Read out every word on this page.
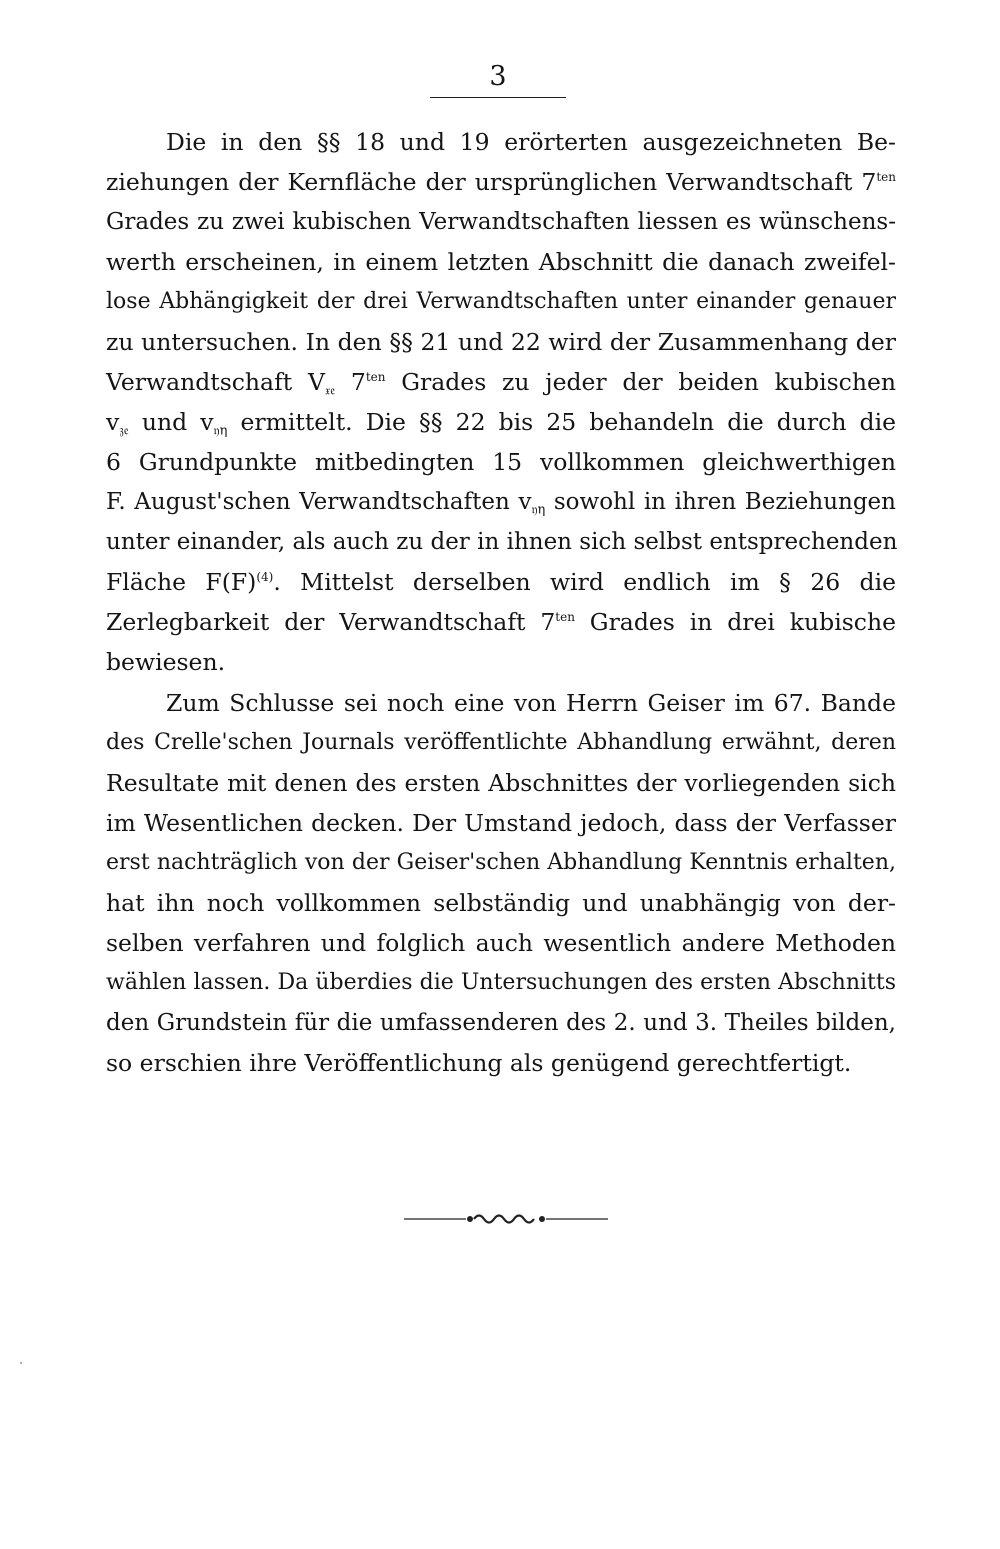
3
Die in den §§ 18 und 19 erörterten ausgezeichneten Be-
ziehungen der Kernfläche der ursprünglichen Verwandtschaft $7^{ten}$
Grades zu zwei kubischen Verwandtschaften liessen es wünschens-
werth erscheinen, in einem letzten Abschnitt die danach zweifel-
lose Abhängigkeit der drei Verwandtschaften unter einander genauer
zu untersuchen. In den §§ 21 und 22 wird der Zusammenhang der
Verwandtschaft $V_{𝔵𝔢}$ $7^{ten}$ Grades zu jeder der beiden kubischen
$v_{𝔷𝔢}$ und $v_{𝔶\eta}$ ermittelt. Die §§ 22 bis 25 behandeln die durch die
6 Grundpunkte mitbedingten 15 vollkommen gleichwerthigen
F. August'schen Verwandtschaften $v_{𝔶\eta}$ sowohl in ihren Beziehungen
unter einander, als auch zu der in ihnen sich selbst entsprechenden
Fläche $F(F)^{(4)}$. Mittelst derselben wird endlich im § 26 die
Zerlegbarkeit der Verwandtschaft $7^{ten}$ Grades in drei kubische
bewiesen.
Zum Schlusse sei noch eine von Herrn Geiser im 67. Bande
des Crelle'schen Journals veröffentlichte Abhandlung erwähnt, deren
Resultate mit denen des ersten Abschnittes der vorliegenden sich
im Wesentlichen decken. Der Umstand jedoch, dass der Verfasser
erst nachträglich von der Geiser'schen Abhandlung Kenntnis erhalten,
hat ihn noch vollkommen selbständig und unabhängig von der-
selben verfahren und folglich auch wesentlich andere Methoden
wählen lassen. Da überdies die Untersuchungen des ersten Abschnitts
den Grundstein für die umfassenderen des 2. und 3. Theiles bilden,
so erschien ihre Veröffentlichung als genügend gerechtfertigt.
